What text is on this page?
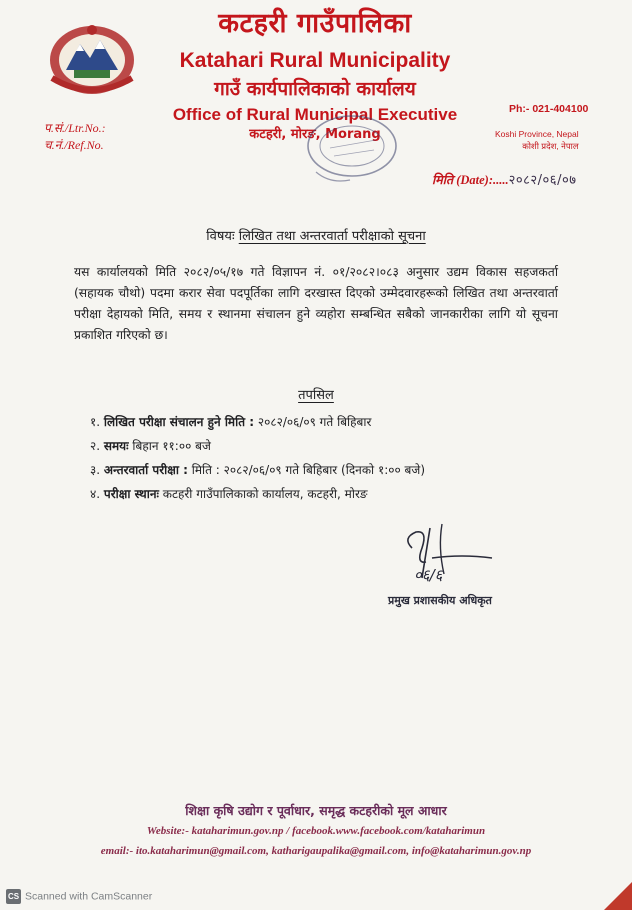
कटहरी गाउँपालिका
Katahari Rural Municipality
गाउँ कार्यपालिकाको कार्यालय
Office of Rural Municipal Executive
कटहरी, मोरङ, Morang
प.सं./Ltr.No.:
च.नं./Ref.No.
Ph:- 021-404100
Koshi Province, Nepal
कोशी प्रदेश, नेपाल
मिति (Date):.....२०८२/०६/०७
विषयः लिखित तथा अन्तरवार्ता परीक्षाको सूचना
यस कार्यालयको मिति २०८२/०५/१७ गते विज्ञापन नं. ०१/२०८२।०८३ अनुसार उद्यम विकास सहजकर्ता (सहायक चौथो) पदमा करार सेवा पदपूर्तिका लागि दरखास्त दिएको उम्मेदवारहरूको लिखित तथा अन्तरवार्ता परीक्षा देहायको मिति, समय र स्थानमा संचालन हुने व्यहोरा सम्बन्धित सबैको जानकारीका लागि यो सूचना प्रकाशित गरिएको छ।
तपसिल
१. लिखित परीक्षा संचालन हुने मिति : २०८२/०६/०९ गते बिहिबार
२. समयः बिहान ११:०० बजे
३. अन्तरवार्ता परीक्षा : मिति : २०८२/०६/०९ गते बिहिबार (दिनको १:०० बजे)
४. परीक्षा स्थानः कटहरी गाउँपालिकाको कार्यालय, कटहरी, मोरङ
०६/६
प्रमुख प्रशासकीय अधिकृत
शिक्षा कृषि उद्योग र पूर्वाधार, समृद्ध कटहरीको मूल आधार
Website:- kataharimun.gov.np / facebook.www.facebook.com/kataharimun
email:- ito.kataharimun@gmail.com, katharigaupalika@gmail.com, info@kataharimun.gov.np
CS Scanned with CamScanner
